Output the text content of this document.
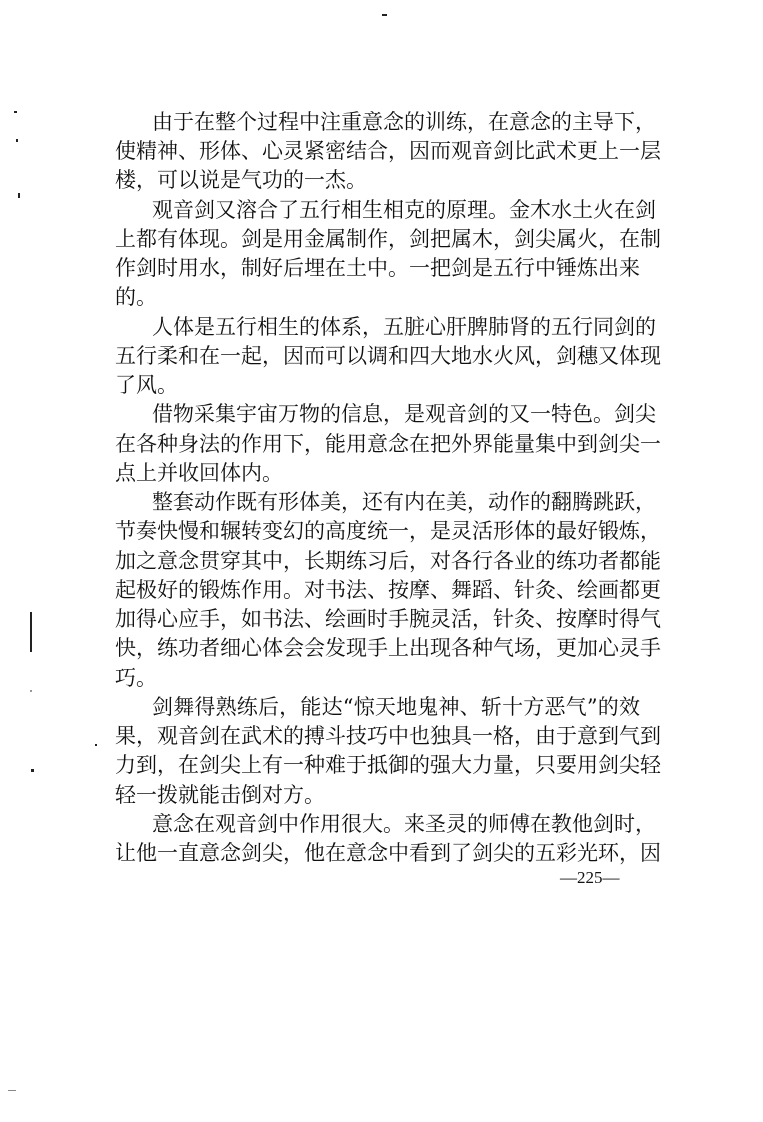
—225—
由于在整个过程中注重意念的训练，在意念的主导下，
使精神、形体、心灵紧密结合，因而观音剑比武术更上一层
楼，可以说是气功的一杰。
观音剑又溶合了五行相生相克的原理。金木水土火在剑
上都有体现。剑是用金属制作，剑把属木，剑尖属火，在制
作剑时用水，制好后埋在土中。一把剑是五行中锤炼出来
的。
人体是五行相生的体系，五脏心肝脾肺肾的五行同剑的
五行柔和在一起，因而可以调和四大地水火风，剑穗又体现
了风。
借物采集宇宙万物的信息，是观音剑的又一特色。剑尖
在各种身法的作用下，能用意念在把外界能量集中到剑尖一
点上并收回体内。
整套动作既有形体美，还有内在美，动作的翻腾跳跃，
节奏快慢和辗转变幻的高度统一，是灵活形体的最好锻炼，
加之意念贯穿其中，长期练习后，对各行各业的练功者都能
起极好的锻炼作用。对书法、按摩、舞蹈、针灸、绘画都更
加得心应手，如书法、绘画时手腕灵活，针灸、按摩时得气
快，练功者细心体会会发现手上出现各种气场，更加心灵手
巧。
剑舞得熟练后，能达“惊天地鬼神、斩十方恶气”的效
果，观音剑在武术的搏斗技巧中也独具一格，由于意到气到
力到，在剑尖上有一种难于抵御的强大力量，只要用剑尖轻
轻一拨就能击倒对方。
意念在观音剑中作用很大。来圣灵的师傅在教他剑时，
让他一直意念剑尖，他在意念中看到了剑尖的五彩光环，因
